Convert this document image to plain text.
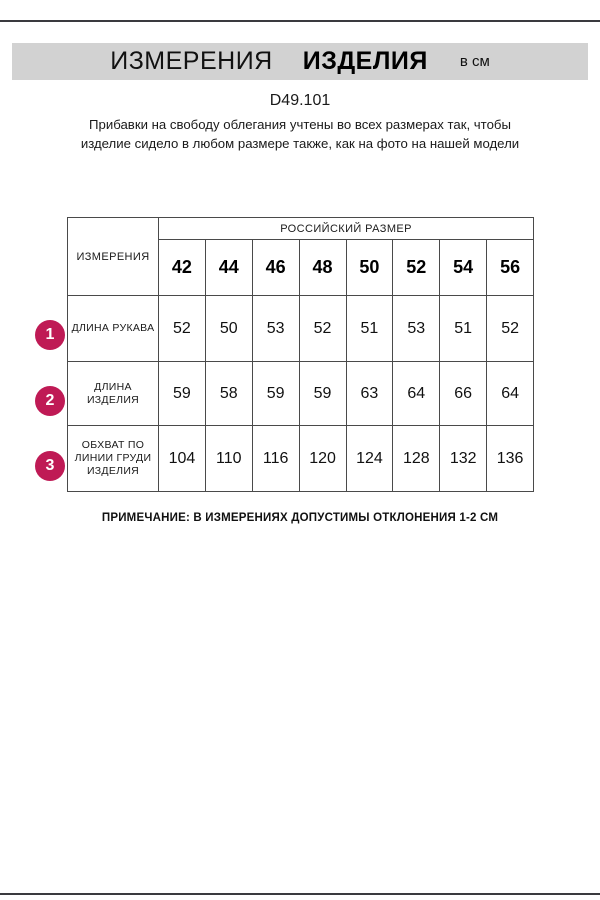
ИЗМЕРЕНИЯ ИЗДЕЛИЯ в см
D49.101
Прибавки на свободу облегания учтены во всех размерах так, чтобы изделие сидело в любом размере также, как на фото на нашей модели
1
2
3
ИЗМЕРЕНИЯ	РОССИЙСКИЙ РАЗМЕР							
	42	44	46	48	50	52	54	56
ДЛИНА РУКАВА	52	50	53	52	51	53	51	52
ДЛИНА ИЗДЕЛИЯ	59	58	59	59	63	64	66	64
ОБХВАТ ПО ЛИНИИ ГРУДИ ИЗДЕЛИЯ	104	110	116	120	124	128	132	136
ПРИМЕЧАНИЕ: В ИЗМЕРЕНИЯХ ДОПУСТИМЫ ОТКЛОНЕНИЯ 1-2 СМ
